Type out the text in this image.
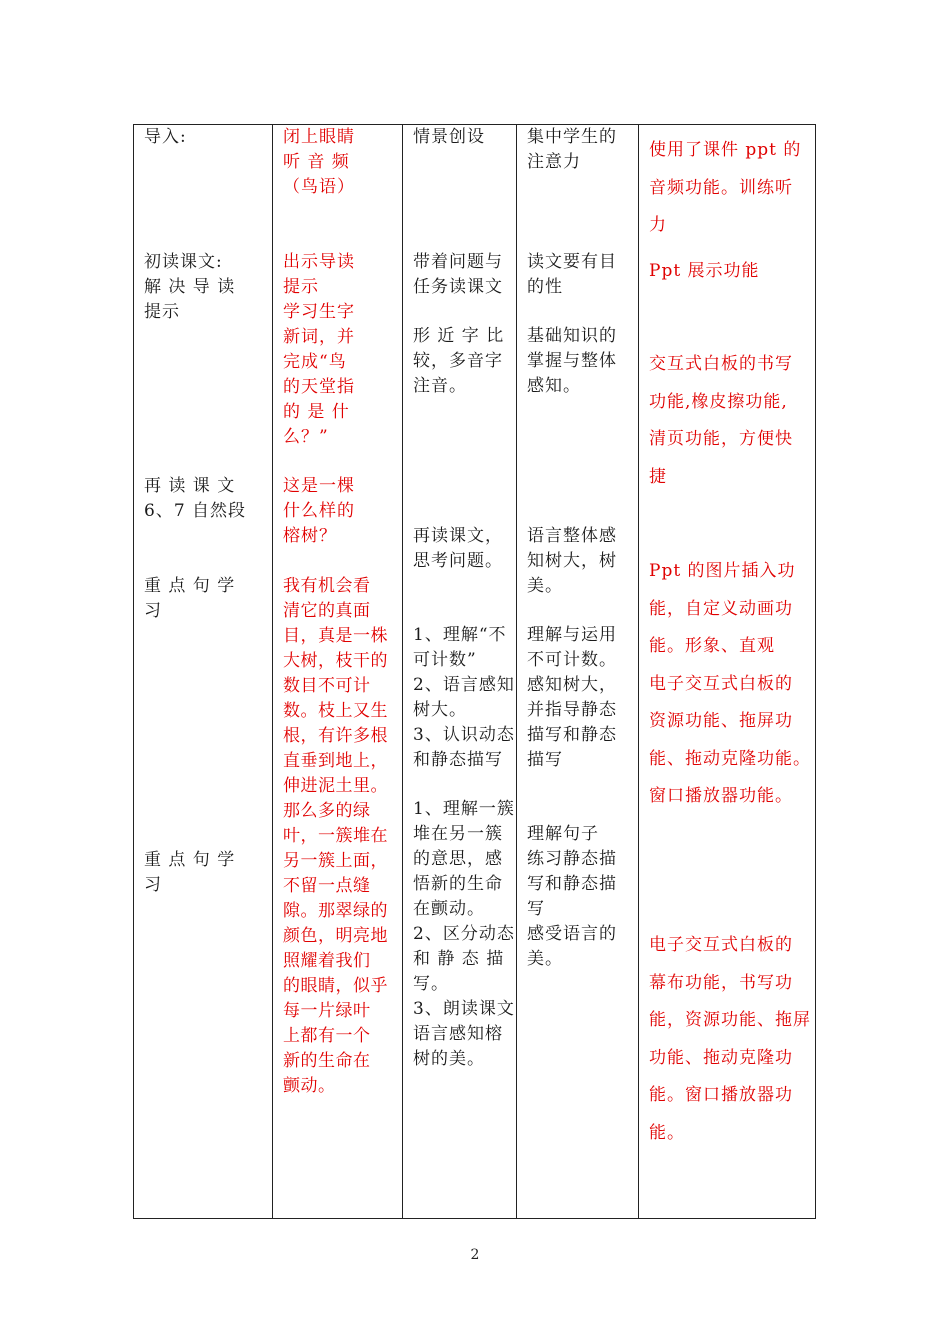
导入:
初读课文:
解 决 导 读
提示
再 读 课 文
6、7 自然段
重 点 句 学
习
重 点 句 学
习
闭上眼睛
听 音 频
（鸟语）
出示导读
提示
学习生字
新词，并
完成“鸟
的天堂指
的 是 什
么？”
这是一棵
什么样的
榕树？
我有机会看
清它的真面
目，真是一株
大树，枝干的
数目不可计
数。枝上又生
根，有许多根
直垂到地上，
伸进泥土里。
那么多的绿
叶，一簇堆在
另一簇上面，
不留一点缝
隙。那翠绿的
颜色，明亮地
照耀着我们
的眼睛，似乎
每一片绿叶
上都有一个
新的生命在
颤动。
情景创设
带着问题与
任务读课文
形 近 字 比
较，多音字
注音。
再读课文，
思考问题。
1、理解“不
可计数”
2、语言感知
树大。
3、认识动态
和静态描写
1、理解一簇
堆在另一簇
的意思，感
悟新的生命
在颤动。
2、区分动态
和 静 态 描
写。
3、朗读课文
语言感知榕
树的美。
集中学生的
注意力
读文要有目
的性
基础知识的
掌握与整体
感知。
语言整体感
知树大，树
美。
理解与运用
不可计数。
感知树大，
并指导静态
描写和静态
描写
理解句子
练习静态描
写和静态描
写
感受语言的
美。
使用了课件 ppt 的
音频功能。训练听
力
Ppt 展示功能
交互式白板的书写
功能,橡皮擦功能,
清页功能，方便快
捷
Ppt 的图片插入功
能，自定义动画功
能。形象、直观
电子交互式白板的
资源功能、拖屏功
能、拖动克隆功能。
窗口播放器功能。
电子交互式白板的
幕布功能，书写功
能，资源功能、拖屏
功能、拖动克隆功
能。窗口播放器功
能。
2
